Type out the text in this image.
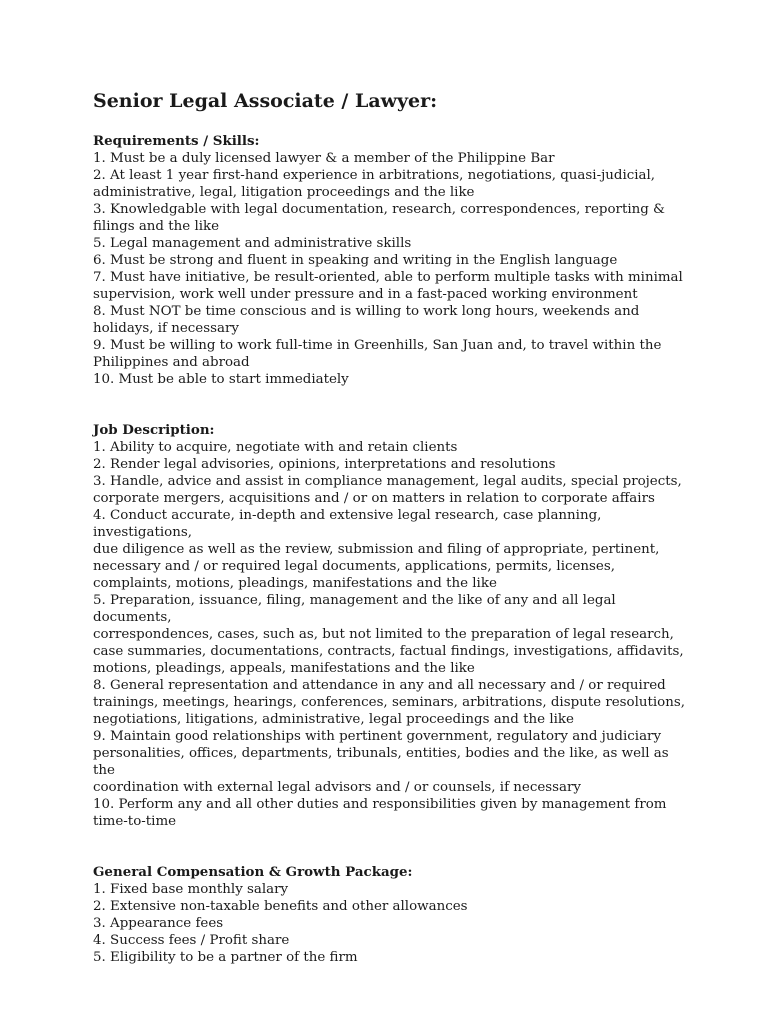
Senior Legal Associate / Lawyer:

Requirements / Skills:

1. Must be a duly licensed lawyer & a member of the Philippine Bar

2. At least 1 year first-hand experience in arbitrations, negotiations, quasi-judicial,

administrative, legal, litigation proceedings and the like

3. Knowledgable with legal documentation, research, correspondences, reporting &

filings and the like

5. Legal management and administrative skills

6. Must be strong and fluent in speaking and writing in the English language

7. Must have initiative, be result-oriented, able to perform multiple tasks with minimal

supervision, work well under pressure and in a fast-paced working environment

8. Must NOT be time conscious and is willing to work long hours, weekends and

holidays, if necessary

9. Must be willing to work full-time in Greenhills, San Juan and, to travel within the

Philippines and abroad

10. Must be able to start immediately

Job Description:

1. Ability to acquire, negotiate with and retain clients

2. Render legal advisories, opinions, interpretations and resolutions

3. Handle, advice and assist in compliance management, legal audits, special projects,

corporate mergers, acquisitions and / or on matters in relation to corporate affairs

4. Conduct accurate, in-depth and extensive legal research, case planning, investigations,

due diligence as well as the review, submission and filing of appropriate, pertinent,

necessary and / or required legal documents, applications, permits, licenses,

complaints, motions, pleadings, manifestations and the like

5. Preparation, issuance, filing, management and the like of any and all legal documents,

correspondences, cases, such as, but not limited to the preparation of legal research,

case summaries, documentations, contracts, factual findings, investigations, affidavits,

motions, pleadings, appeals, manifestations and the like

8. General representation and attendance in any and all necessary and / or required

trainings, meetings, hearings, conferences, seminars, arbitrations, dispute resolutions,

negotiations, litigations, administrative, legal proceedings and the like

9. Maintain good relationships with pertinent government, regulatory and judiciary

personalities, offices, departments, tribunals, entities, bodies and the like, as well as the

coordination with external legal advisors and / or counsels, if necessary

10. Perform any and all other duties and responsibilities given by management from

time-to-time

General Compensation & Growth Package:

1. Fixed base monthly salary

2. Extensive non-taxable benefits and other allowances

3. Appearance fees

4. Success fees / Profit share

5. Eligibility to be a partner of the firm
